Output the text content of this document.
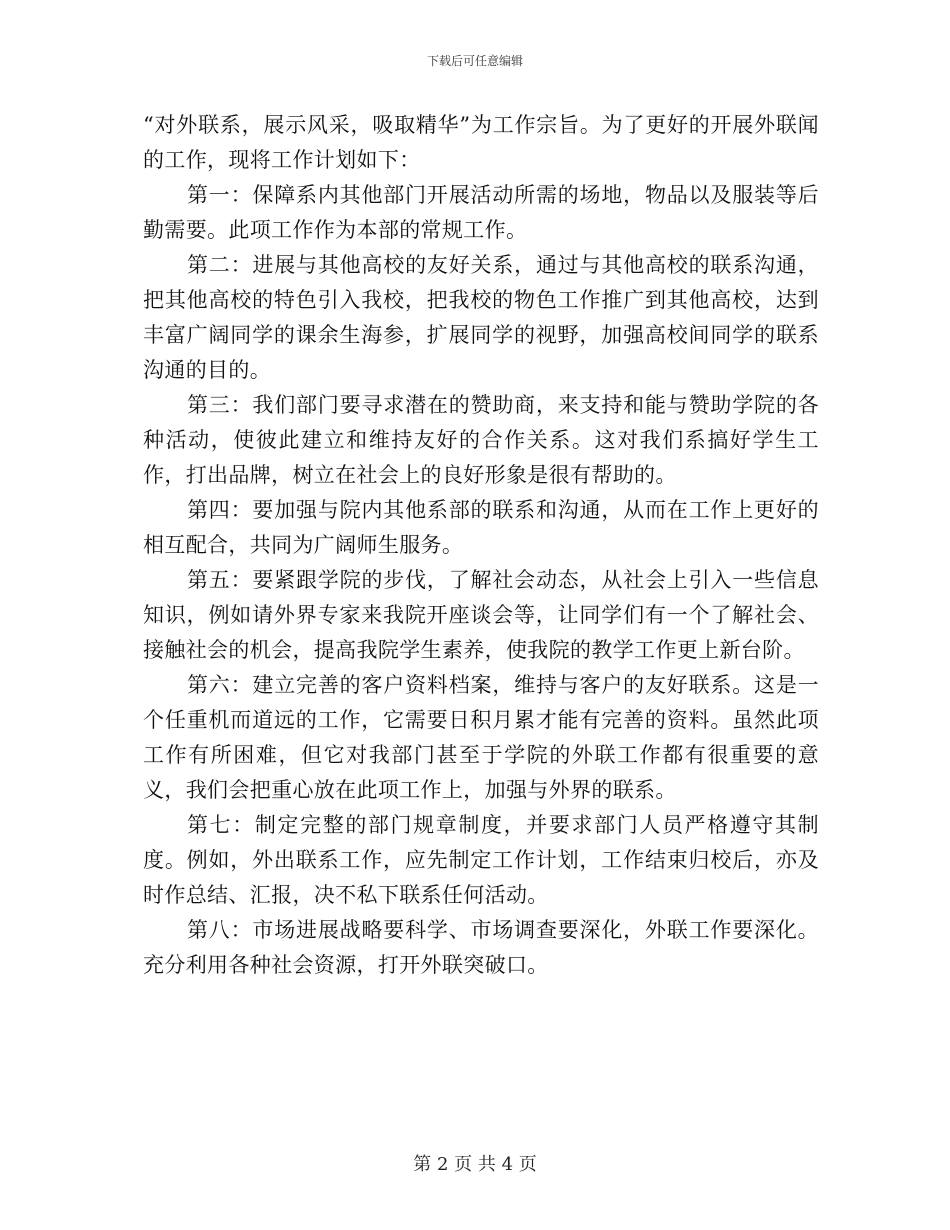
下载后可任意编辑

“对外联系，展示风采，吸取精华”为工作宗旨。为了更好的开展外联闻的工作，现将工作计划如下：

第一：保障系内其他部门开展活动所需的场地，物品以及服装等后勤需要。此项工作作为本部的常规工作。

第二：进展与其他高校的友好关系，通过与其他高校的联系沟通，把其他高校的特色引入我校，把我校的物色工作推广到其他高校，达到丰富广阔同学的课余生海参，扩展同学的视野，加强高校间同学的联系沟通的目的。

第三：我们部门要寻求潜在的赞助商，来支持和能与赞助学院的各种活动，使彼此建立和维持友好的合作关系。这对我们系搞好学生工作，打出品牌，树立在社会上的良好形象是很有帮助的。

第四：要加强与院内其他系部的联系和沟通，从而在工作上更好的相互配合，共同为广阔师生服务。

第五：要紧跟学院的步伐，了解社会动态，从社会上引入一些信息知识，例如请外界专家来我院开座谈会等，让同学们有一个了解社会、接触社会的机会，提高我院学生素养，使我院的教学工作更上新台阶。

第六：建立完善的客户资料档案，维持与客户的友好联系。这是一个任重机而道远的工作，它需要日积月累才能有完善的资料。虽然此项工作有所困难，但它对我部门甚至于学院的外联工作都有很重要的意义，我们会把重心放在此项工作上，加强与外界的联系。

第七：制定完整的部门规章制度，并要求部门人员严格遵守其制度。例如，外出联系工作，应先制定工作计划，工作结束归校后，亦及时作总结、汇报，决不私下联系任何活动。

第八：市场进展战略要科学、市场调查要深化，外联工作要深化。充分利用各种社会资源，打开外联突破口。

第 2 页 共 4 页
